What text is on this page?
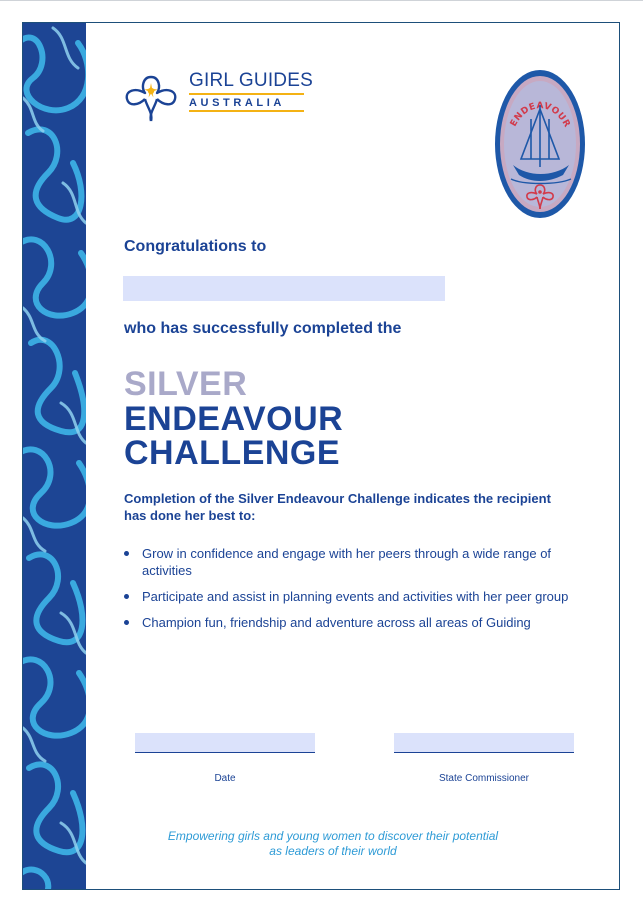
GIRL GUIDES
AUSTRALIA
ENDEAVOUR
Congratulations to
who has successfully completed the
SILVER
ENDEAVOUR
CHALLENGE
Completion of the Silver Endeavour Challenge indicates the recipient has done her best to:
Grow in confidence and engage with her peers through a wide range of activities
Participate and assist in planning events and activities with her peer group
Champion fun, friendship and adventure across all areas of Guiding
Date	State Commissioner
Empowering girls and young women to discover their potential as leaders of their world
